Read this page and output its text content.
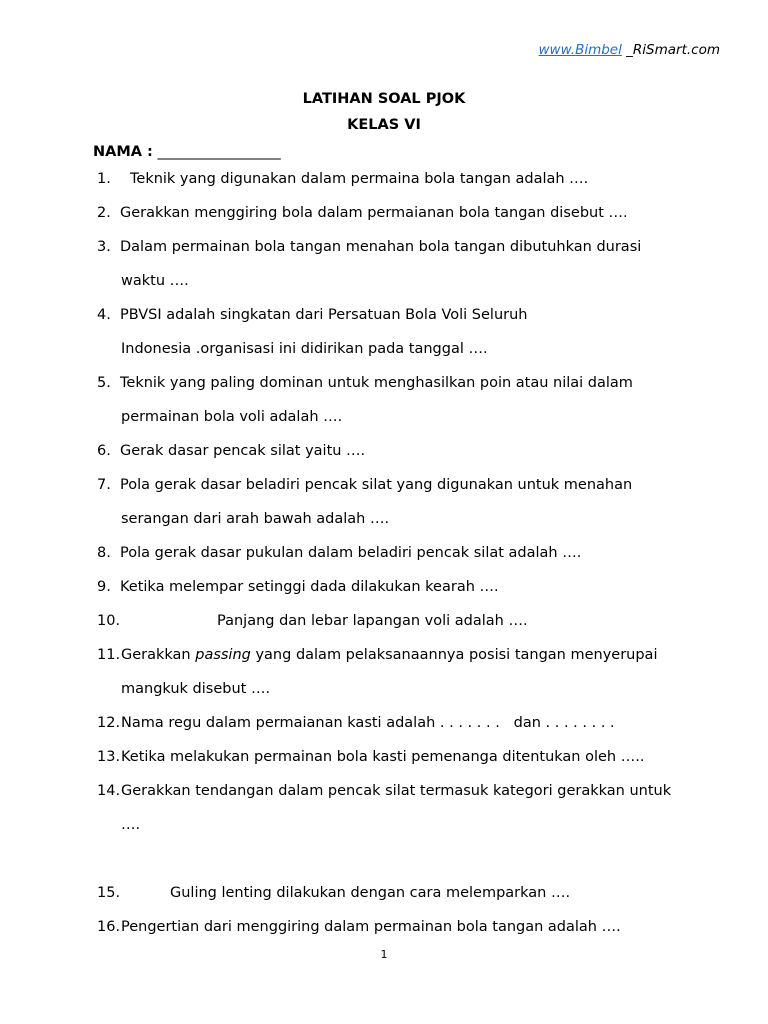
www.Bimbel _RiSmart.com
LATIHAN SOAL PJOK
KELAS VI
NAMA : _________________
1. Teknik yang digunakan dalam permaina bola tangan adalah ….
2. Gerakkan menggiring bola dalam permaianan bola tangan disebut ….
3. Dalam permainan bola tangan menahan bola tangan dibutuhkan durasi
waktu ….
4. PBVSI adalah singkatan dari Persatuan Bola Voli Seluruh
Indonesia .organisasi ini didirikan pada tanggal ….
5. Teknik yang paling dominan untuk menghasilkan poin atau nilai dalam
permainan bola voli adalah ….
6. Gerak dasar pencak silat yaitu ….
7. Pola gerak dasar beladiri pencak silat yang digunakan untuk menahan
serangan dari arah bawah adalah ….
8. Pola gerak dasar pukulan dalam beladiri pencak silat adalah ….
9. Ketika melempar setinggi dada dilakukan kearah ….
10.	Panjang dan lebar lapangan voli adalah ….
11. Gerakkan passing yang dalam pelaksanaannya posisi tangan menyerupai
mangkuk disebut ….
12. Nama regu dalam permaianan kasti adalah . . . . . . .   dan . . . . . . . .
13. Ketika melakukan permainan bola kasti pemenanga ditentukan oleh …..
14. Gerakkan tendangan dalam pencak silat termasuk kategori gerakkan untuk
….
15.	Guling lenting dilakukan dengan cara melemparkan ….
16. Pengertian dari menggiring dalam permainan bola tangan adalah ….
1
